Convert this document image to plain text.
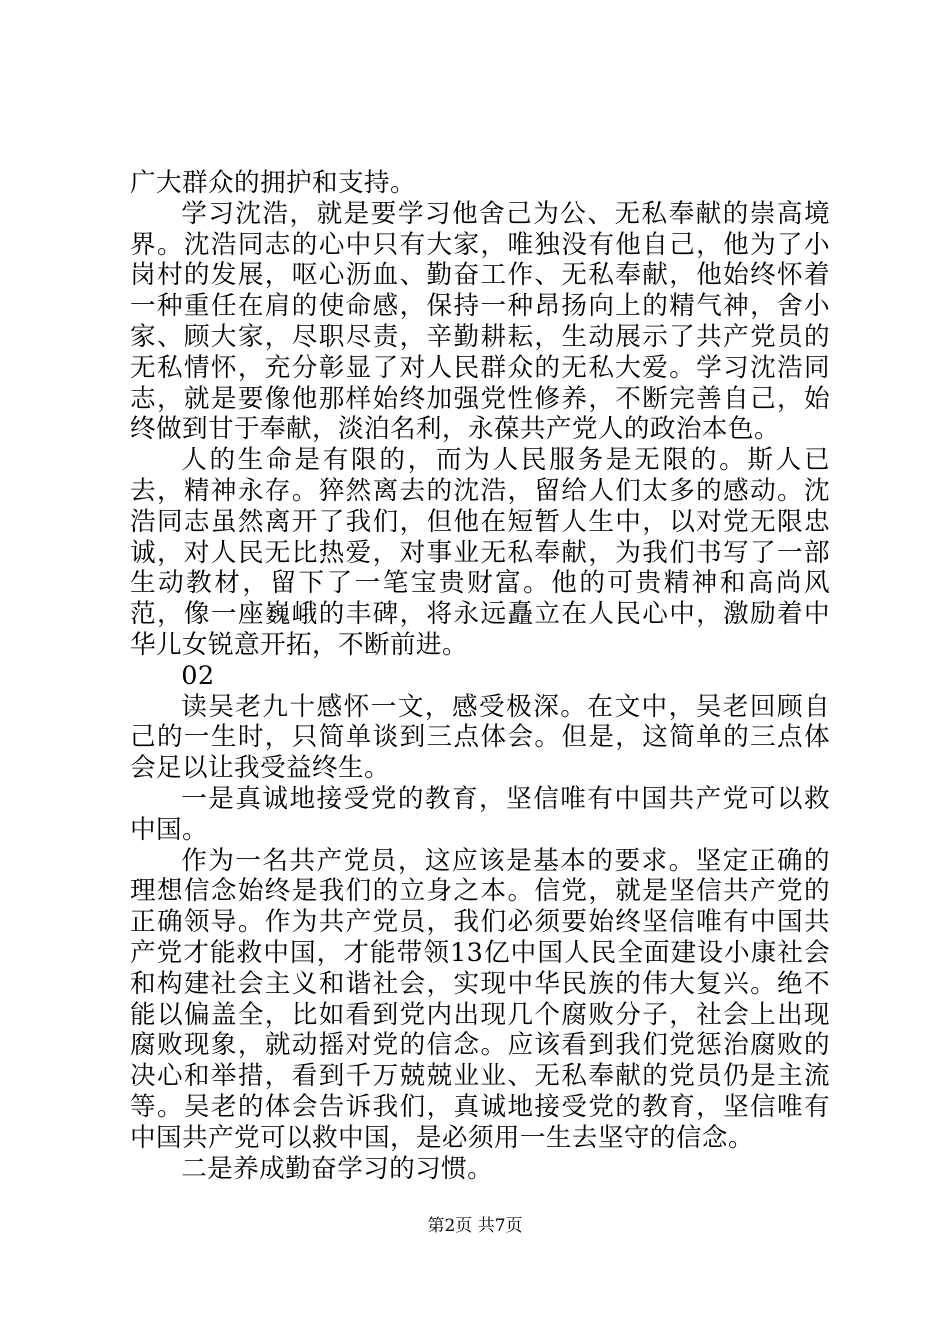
广大群众的拥护和支持。

学习沈浩，就是要学习他舍己为公、无私奉献的崇高境界。沈浩同志的心中只有大家，唯独没有他自己，他为了小岗村的发展，呕心沥血、勤奋工作、无私奉献，他始终怀着一种重任在肩的使命感，保持一种昂扬向上的精气神，舍小家、顾大家，尽职尽责，辛勤耕耘，生动展示了共产党员的无私情怀，充分彰显了对人民群众的无私大爱。学习沈浩同志，就是要像他那样始终加强党性修养，不断完善自己，始终做到甘于奉献，淡泊名利，永葆共产党人的政治本色。

人的生命是有限的，而为人民服务是无限的。斯人已去，精神永存。猝然离去的沈浩，留给人们太多的感动。沈浩同志虽然离开了我们，但他在短暂人生中，以对党无限忠诚，对人民无比热爱，对事业无私奉献，为我们书写了一部生动教材，留下了一笔宝贵财富。他的可贵精神和高尚风范，像一座巍峨的丰碑，将永远矗立在人民心中，激励着中华儿女锐意开拓，不断前进。

02

读吴老九十感怀一文，感受极深。在文中，吴老回顾自己的一生时，只简单谈到三点体会。但是，这简单的三点体会足以让我受益终生。

一是真诚地接受党的教育，坚信唯有中国共产党可以救中国。

作为一名共产党员，这应该是基本的要求。坚定正确的理想信念始终是我们的立身之本。信党，就是坚信共产党的正确领导。作为共产党员，我们必须要始终坚信唯有中国共产党才能救中国，才能带领13亿中国人民全面建设小康社会和构建社会主义和谐社会，实现中华民族的伟大复兴。绝不能以偏盖全，比如看到党内出现几个腐败分子，社会上出现腐败现象，就动摇对党的信念。应该看到我们党惩治腐败的决心和举措，看到千万兢兢业业、无私奉献的党员仍是主流等。吴老的体会告诉我们，真诚地接受党的教育，坚信唯有中国共产党可以救中国，是必须用一生去坚守的信念。

二是养成勤奋学习的习惯。

第2页 共7页
